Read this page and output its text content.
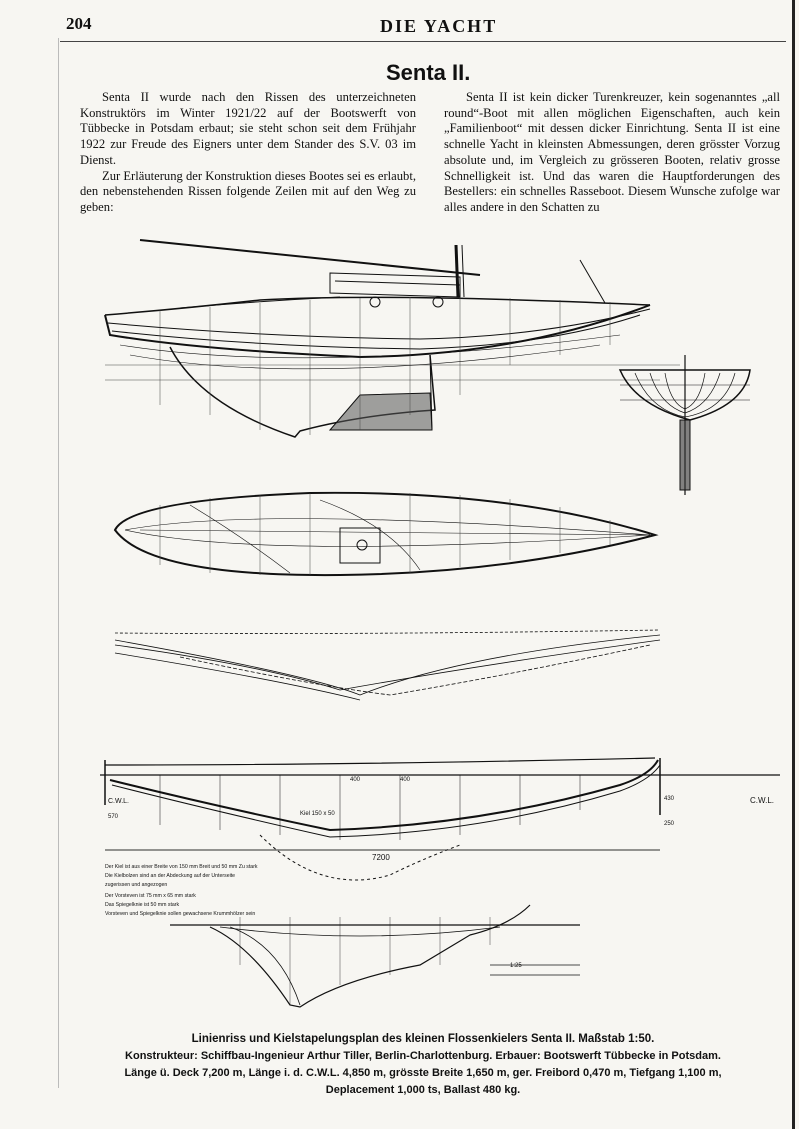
204	DIE YACHT
Senta II.

Senta II wurde nach den Rissen des unterzeichneten Konstruktörs im Winter 1921/22 auf der Bootswerft von Tübbecke in Potsdam erbaut; sie steht schon seit dem Frühjahr 1922 zur Freude des Eigners unter dem Stander des S.V. 03 im Dienst.

Zur Erläuterung der Konstruktion dieses Bootes sei es erlaubt, den nebenstehenden Rissen folgende Zeilen mit auf den Weg zu geben:

Senta II ist kein dicker Turenkreuzer, kein sogenanntes „all round“-Boot mit allen möglichen Eigenschaften, auch kein „Familienboot“ mit dessen dicker Einrichtung. Senta II ist eine schnelle Yacht in kleinsten Abmessungen, deren grösster Vorzug absolute und, im Vergleich zu grösseren Booten, relativ grosse Schnelligkeit ist. Und das waren die Hauptforderungen des Bestellers: ein schnelles Rasseboot. Diesem Wunsche zufolge war alles andere in den Schatten zu

C.W.L.	C.W.L.
7200
570
400	400
250
430
Kiel 150 x 50
1:25
Der Kiel ist aus einer Breite von 150 mm Breit und 50 mm Zu stark
Die Kielbolzen sind an der Abdeckung auf der Unterseite
zugerissen und angezogen
Der Vorsteven ist 75 mm x 65 mm stark
Das Spiegelknie ist 50 mm stark
Vorsteven und Spiegelknie sollen gewachsene Krummhölzer sein
Linienriss und Kielstapelungsplan des kleinen Flossenkielers Senta II. Maßstab 1:50.
Konstrukteur: Schiffbau-Ingenieur Arthur Tiller, Berlin-Charlottenburg. Erbauer: Bootswerft Tübbecke in Potsdam.
Länge ü. Deck 7,200 m, Länge i. d. C.W.L. 4,850 m, grösste Breite 1,650 m, ger. Freibord 0,470 m, Tiefgang 1,100 m,
Deplacement 1,000 ts, Ballast 480 kg.
